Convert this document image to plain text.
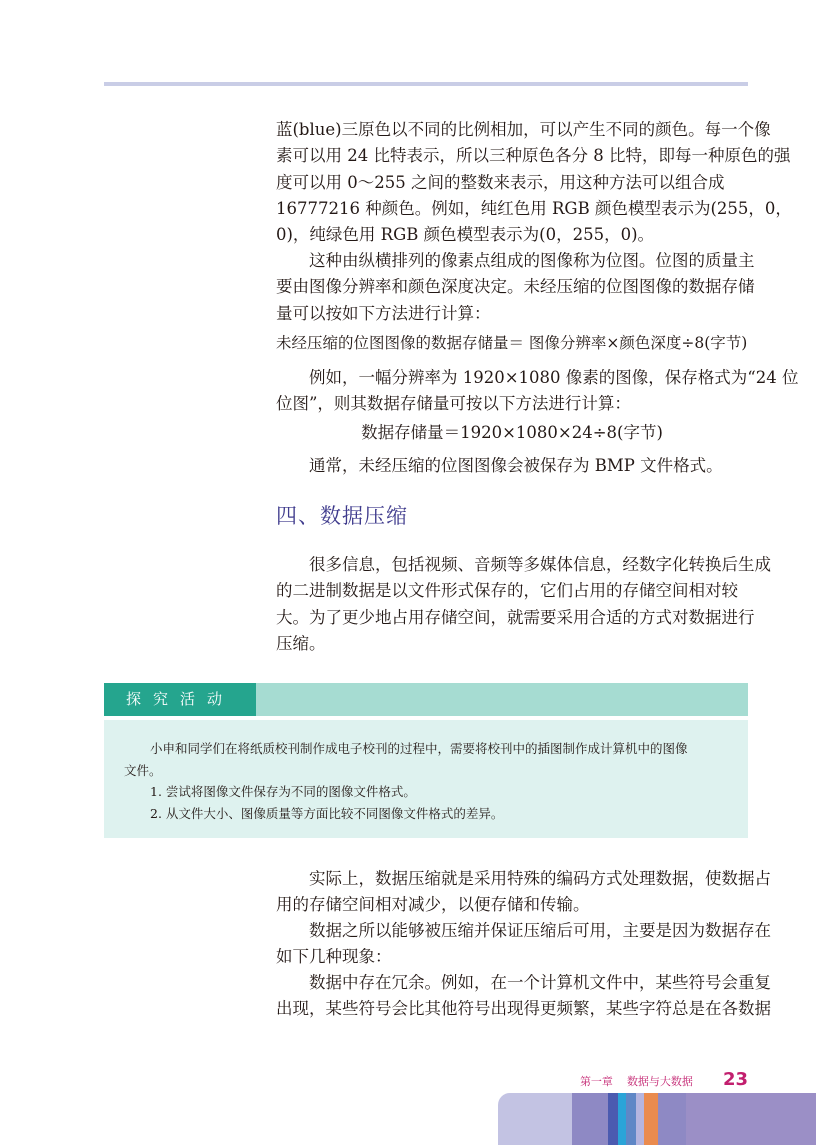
蓝(blue)三原色以不同的比例相加，可以产生不同的颜色。每一个像
素可以用 24 比特表示，所以三种原色各分 8 比特，即每一种原色的强
度可以用 0～255 之间的整数来表示，用这种方法可以组合成
16777216 种颜色。例如，纯红色用 RGB 颜色模型表示为(255，0，
0)，纯绿色用 RGB 颜色模型表示为(0，255，0)。
这种由纵横排列的像素点组成的图像称为位图。位图的质量主
要由图像分辨率和颜色深度决定。未经压缩的位图图像的数据存储
量可以按如下方法进行计算：
未经压缩的位图图像的数据存储量＝ 图像分辨率×颜色深度÷8(字节)
例如，一幅分辨率为 1920×1080 像素的图像，保存格式为“24 位
位图”，则其数据存储量可按以下方法进行计算：
数据存储量＝1920×1080×24÷8(字节)
通常，未经压缩的位图图像会被保存为 BMP 文件格式。
四、数据压缩
很多信息，包括视频、音频等多媒体信息，经数字化转换后生成
的二进制数据是以文件形式保存的，它们占用的存储空间相对较
大。为了更少地占用存储空间，就需要采用合适的方式对数据进行
压缩。
探究活动
小申和同学们在将纸质校刊制作成电子校刊的过程中，需要将校刊中的插图制作成计算机中的图像
文件。
1. 尝试将图像文件保存为不同的图像文件格式。
2. 从文件大小、图像质量等方面比较不同图像文件格式的差异。
实际上，数据压缩就是采用特殊的编码方式处理数据，使数据占
用的存储空间相对减少，以便存储和传输。
数据之所以能够被压缩并保证压缩后可用，主要是因为数据存在
如下几种现象：
数据中存在冗余。例如，在一个计算机文件中，某些符号会重复
出现，某些符号会比其他符号出现得更频繁，某些字符总是在各数据
第一章 数据与大数据 23
